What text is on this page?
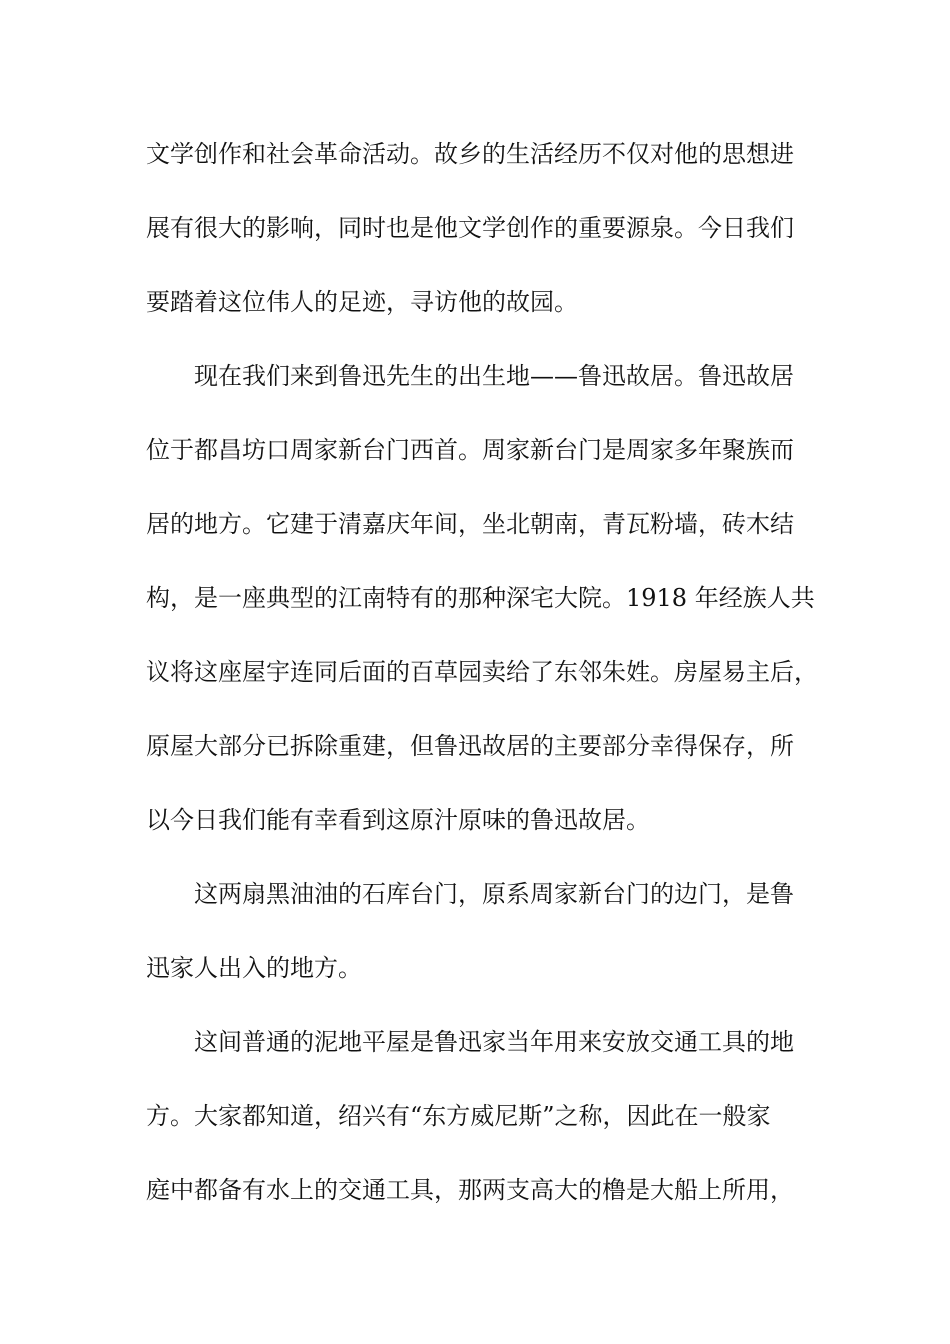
文学创作和社会革命活动。故乡的生活经历不仅对他的思想进
展有很大的影响，同时也是他文学创作的重要源泉。今日我们
要踏着这位伟人的足迹，寻访他的故园。
现在我们来到鲁迅先生的出生地——鲁迅故居。鲁迅故居
位于都昌坊口周家新台门西首。周家新台门是周家多年聚族而
居的地方。它建于清嘉庆年间，坐北朝南，青瓦粉墙，砖木结
构，是一座典型的江南特有的那种深宅大院。1918 年经族人共
议将这座屋宇连同后面的百草园卖给了东邻朱姓。房屋易主后，
原屋大部分已拆除重建，但鲁迅故居的主要部分幸得保存，所
以今日我们能有幸看到这原汁原味的鲁迅故居。
这两扇黑油油的石库台门，原系周家新台门的边门，是鲁
迅家人出入的地方。
这间普通的泥地平屋是鲁迅家当年用来安放交通工具的地
方。大家都知道，绍兴有“东方威尼斯”之称，因此在一般家
庭中都备有水上的交通工具，那两支高大的橹是大船上所用，
